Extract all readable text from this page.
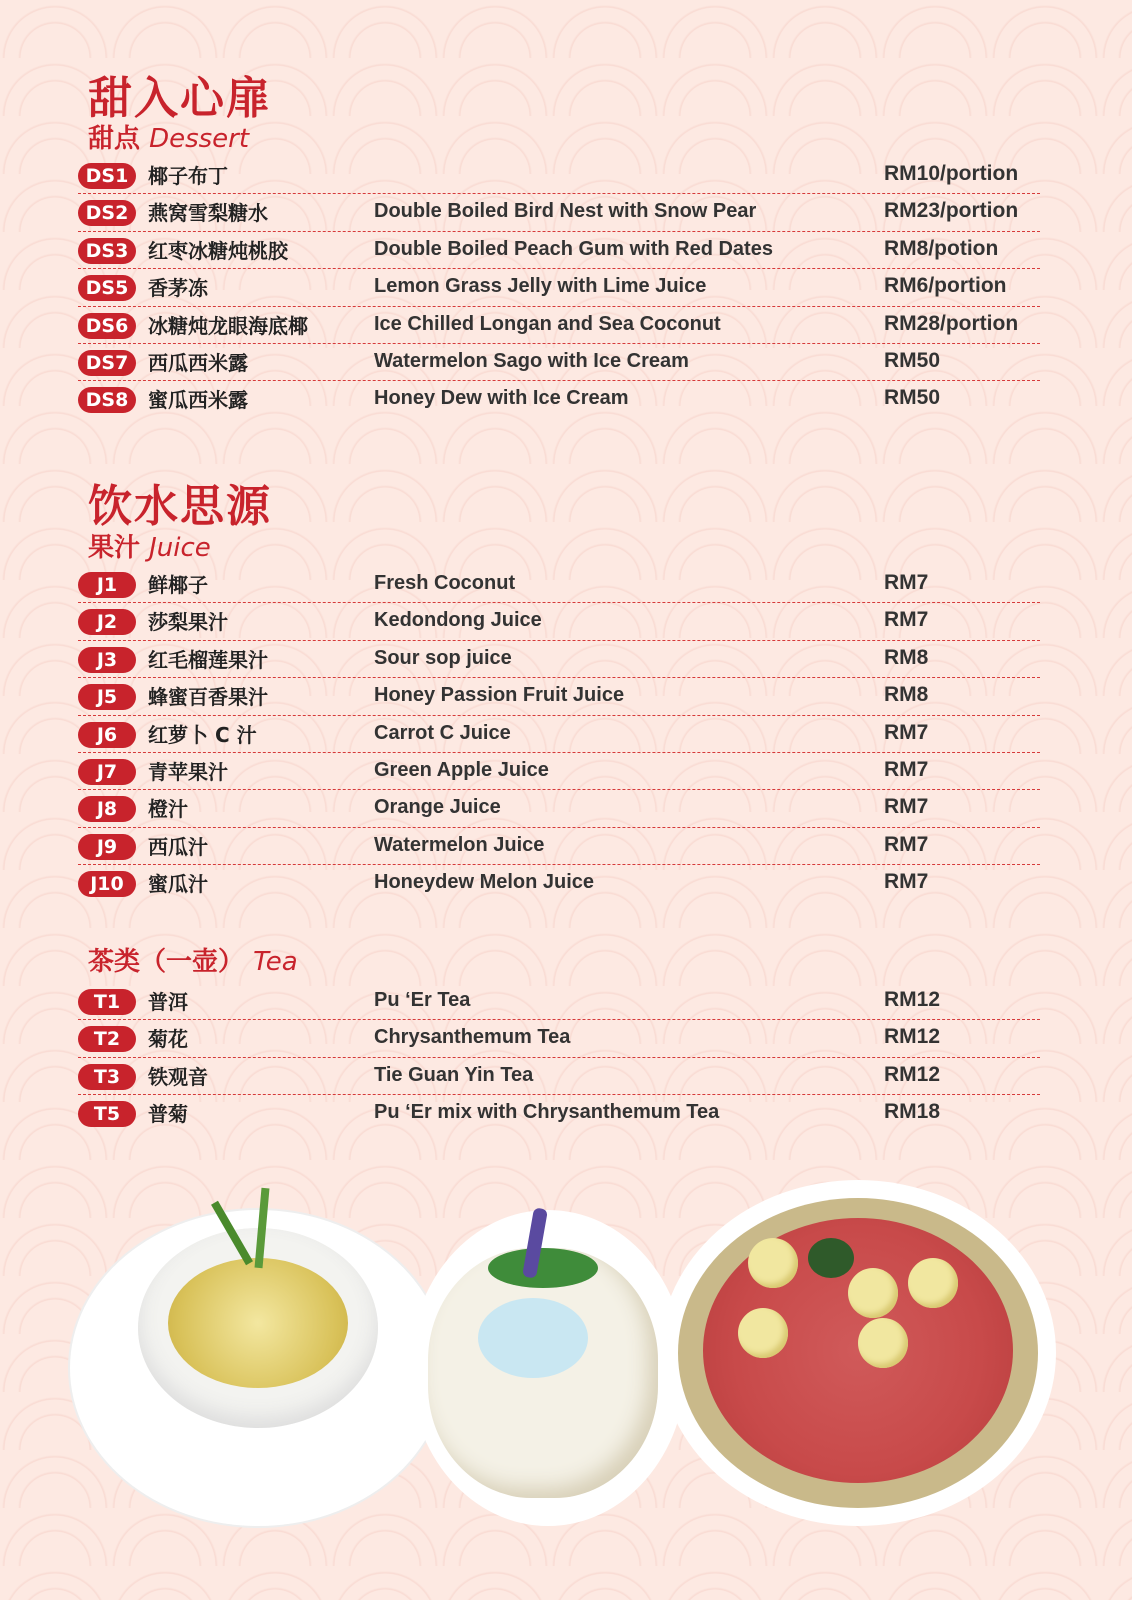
甜入心扉
甜点 Dessert
DS1 椰子布丁	RM10/portion
DS2 燕窝雪梨糖水	Double Boiled Bird Nest with Snow Pear	RM23/portion
DS3 红枣冰糖炖桃胶	Double Boiled Peach Gum with Red Dates	RM8/potion
DS5 香茅冻	Lemon Grass Jelly with Lime Juice	RM6/portion
DS6 冰糖炖龙眼海底椰	Ice Chilled Longan and Sea Coconut	RM28/portion
DS7 西瓜西米露	Watermelon Sago with Ice Cream	RM50
DS8 蜜瓜西米露	Honey Dew with Ice Cream	RM50
饮水思源
果汁 Juice
J1	鲜椰子	Fresh Coconut	RM7
J2	莎梨果汁	Kedondong Juice	RM7
J3	红毛榴莲果汁	Sour sop juice	RM8
J5	蜂蜜百香果汁	Honey Passion Fruit Juice	RM8
J6	红萝卜 C 汁	Carrot C Juice	RM7
J7	青苹果汁	Green Apple Juice	RM7
J8	橙汁	Orange Juice	RM7
J9	西瓜汁	Watermelon Juice	RM7
J10	蜜瓜汁	Honeydew Melon Juice	RM7
茶类（一壶） Tea
T1	普洱	Pu ‘Er Tea	RM12
T2	菊花	Chrysanthemum Tea	RM12
T3	铁观音	Tie Guan Yin Tea	RM12
T5	普菊	Pu ‘Er mix with Chrysanthemum Tea	RM18
